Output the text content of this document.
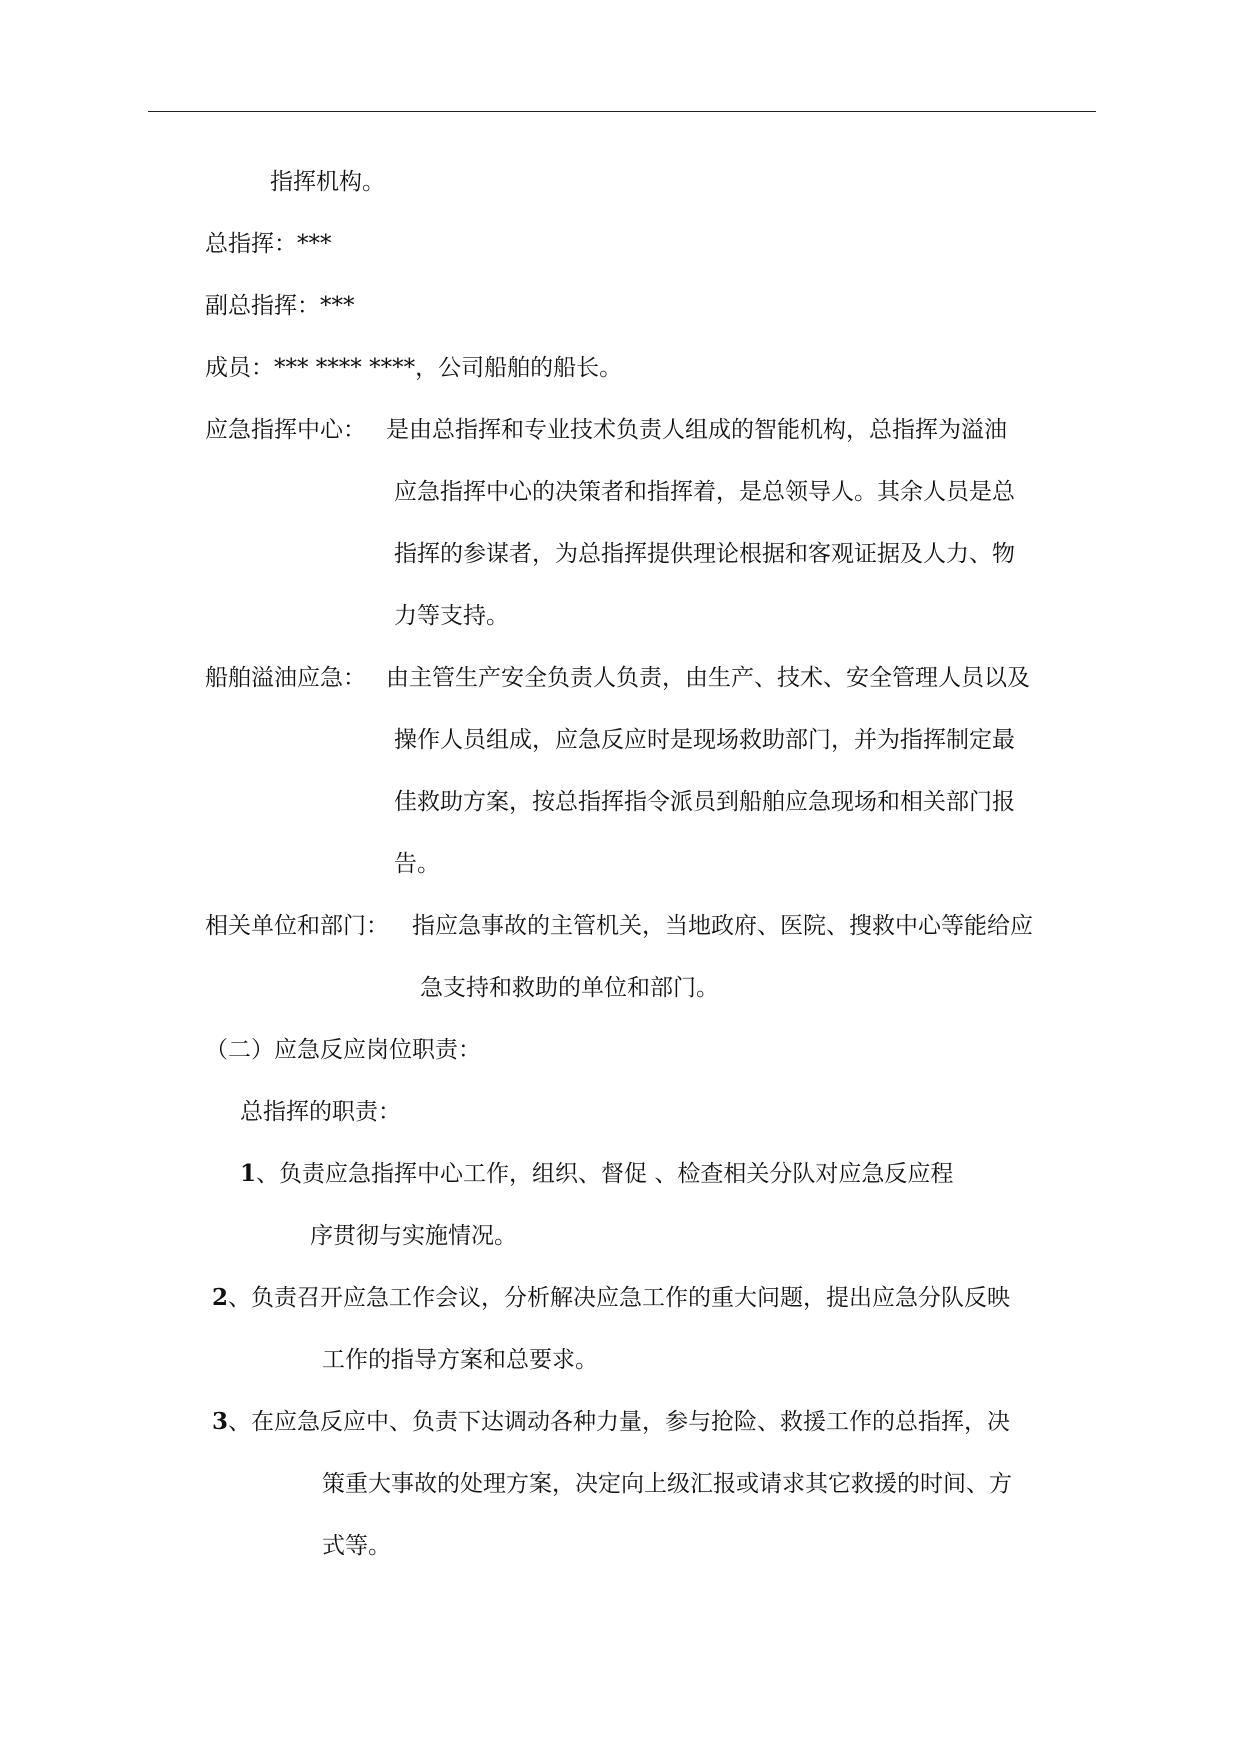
指挥机构。
总指挥：***
副总指挥：***
成员：*** **** ****，公司船舶的船长。
应急指挥中心： 是由总指挥和专业技术负责人组成的智能机构，总指挥为溢油
应急指挥中心的决策者和指挥着，是总领导人。其余人员是总
指挥的参谋者，为总指挥提供理论根据和客观证据及人力、物
力等支持。
船舶溢油应急： 由主管生产安全负责人负责，由生产、技术、安全管理人员以及
操作人员组成，应急反应时是现场救助部门，并为指挥制定最
佳救助方案，按总指挥指令派员到船舶应急现场和相关部门报
告。
相关单位和部门： 指应急事故的主管机关，当地政府、医院、搜救中心等能给应
急支持和救助的单位和部门。
（二）应急反应岗位职责：
总指挥的职责：
1、负责应急指挥中心工作，组织、督促 、检查相关分队对应急反应程
序贯彻与实施情况。
2、负责召开应急工作会议，分析解决应急工作的重大问题，提出应急分队反映
工作的指导方案和总要求。
3、在应急反应中、负责下达调动各种力量，参与抢险、救援工作的总指挥，决
策重大事故的处理方案，决定向上级汇报或请求其它救援的时间、方
式等。
